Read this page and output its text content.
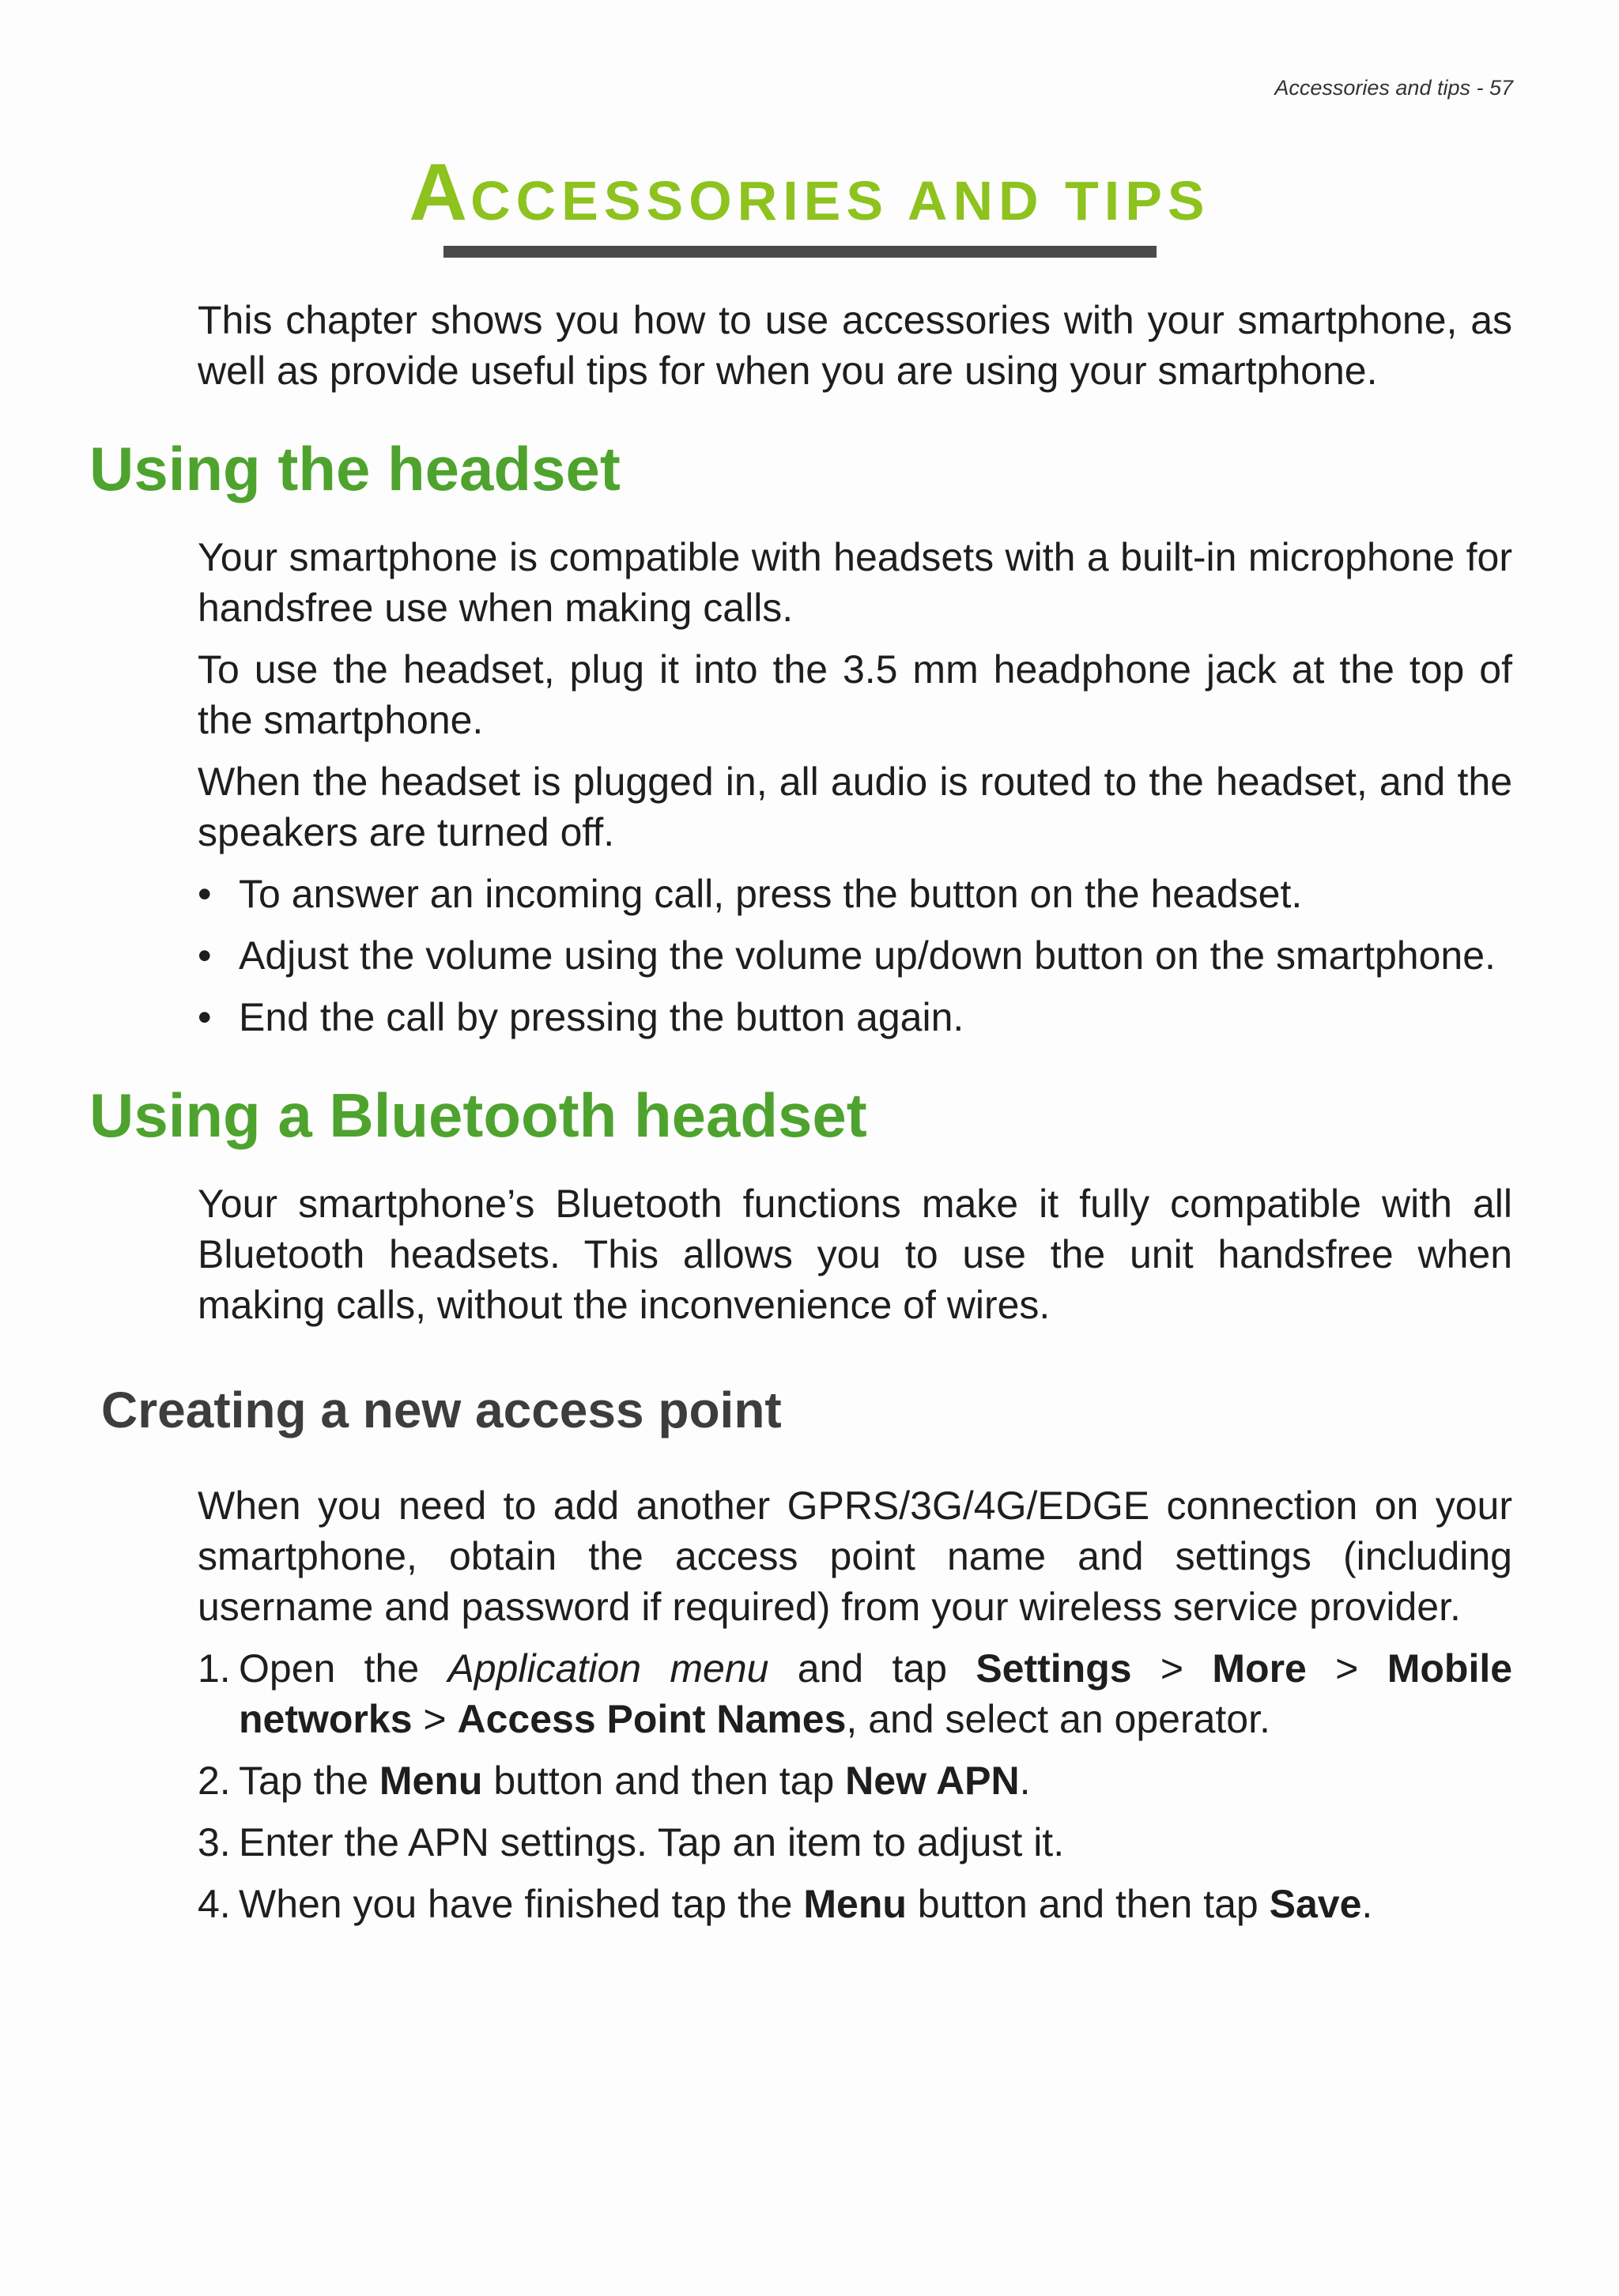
Accessories and tips - 57
ACCESSORIES AND TIPS

This chapter shows you how to use accessories with your smartphone, as well as provide useful tips for when you are using your smartphone.

Using the headset

Your smartphone is compatible with headsets with a built-in microphone for handsfree use when making calls.

To use the headset, plug it into the 3.5 mm headphone jack at the top of the smartphone.

When the headset is plugged in, all audio is routed to the headset, and the speakers are turned off.

• To answer an incoming call, press the button on the headset.
• Adjust the volume using the volume up/down button on the smartphone.
• End the call by pressing the button again.
Using a Bluetooth headset

Your smartphone’s Bluetooth functions make it fully compatible with all Bluetooth headsets. This allows you to use the unit handsfree when making calls, without the inconvenience of wires.

Creating a new access point

When you need to add another GPRS/3G/4G/EDGE connection on your smartphone, obtain the access point name and settings (including username and password if required) from your wireless service provider.

1. Open the Application menu and tap Settings > More > Mobile networks > Access Point Names, and select an operator.
2. Tap the Menu button and then tap New APN.
3. Enter the APN settings. Tap an item to adjust it.
4. When you have finished tap the Menu button and then tap Save.
